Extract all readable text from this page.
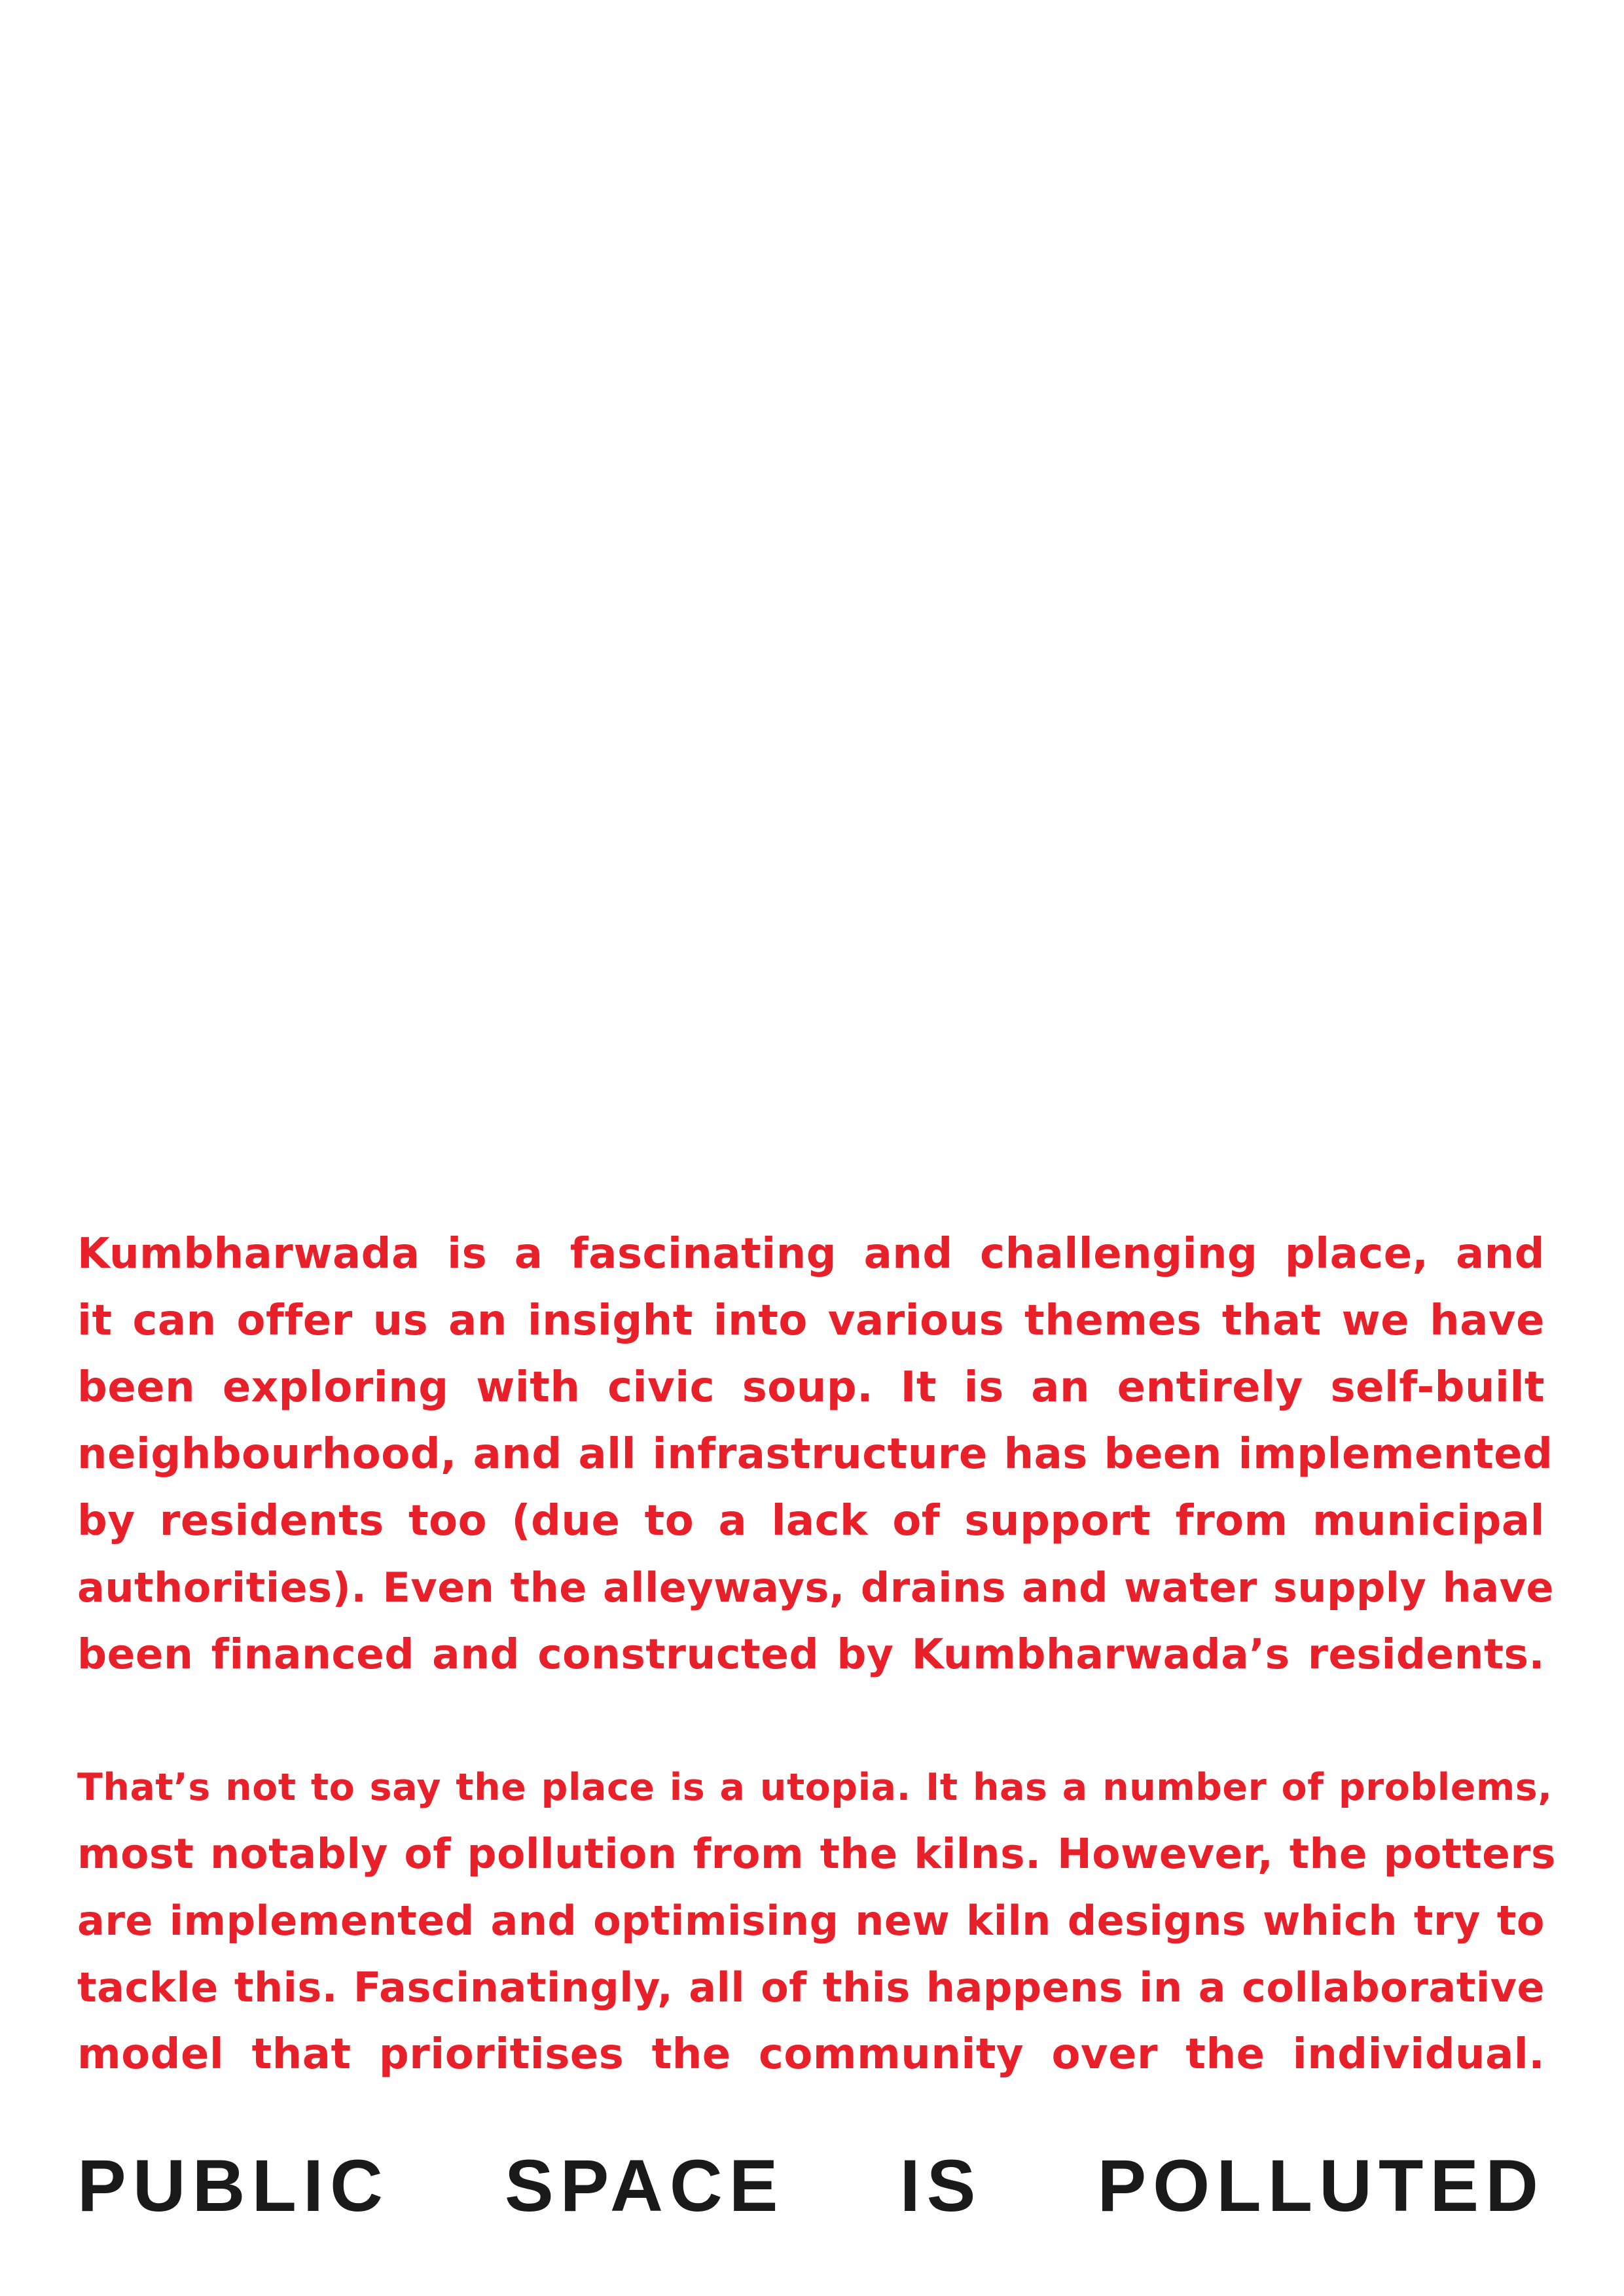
Kumbharwada is a fascinating and challenging place, and
it can offer us an insight into various themes that we have
been exploring with civic soup. It is an entirely self-built
neighbourhood, and all infrastructure has been implemented
by residents too (due to a lack of support from municipal
authorities). Even the alleyways, drains and water supply have
been financed and constructed by Kumbharwada’s residents.
That’s not to say the place is a utopia. It has a number of problems,
most notably of pollution from the kilns. However, the potters
are implemented and optimising new kiln designs which try to
tackle this. Fascinatingly, all of this happens in a collaborative
model that prioritises the community over the individual.
PUBLIC SPACE IS POLLUTED
